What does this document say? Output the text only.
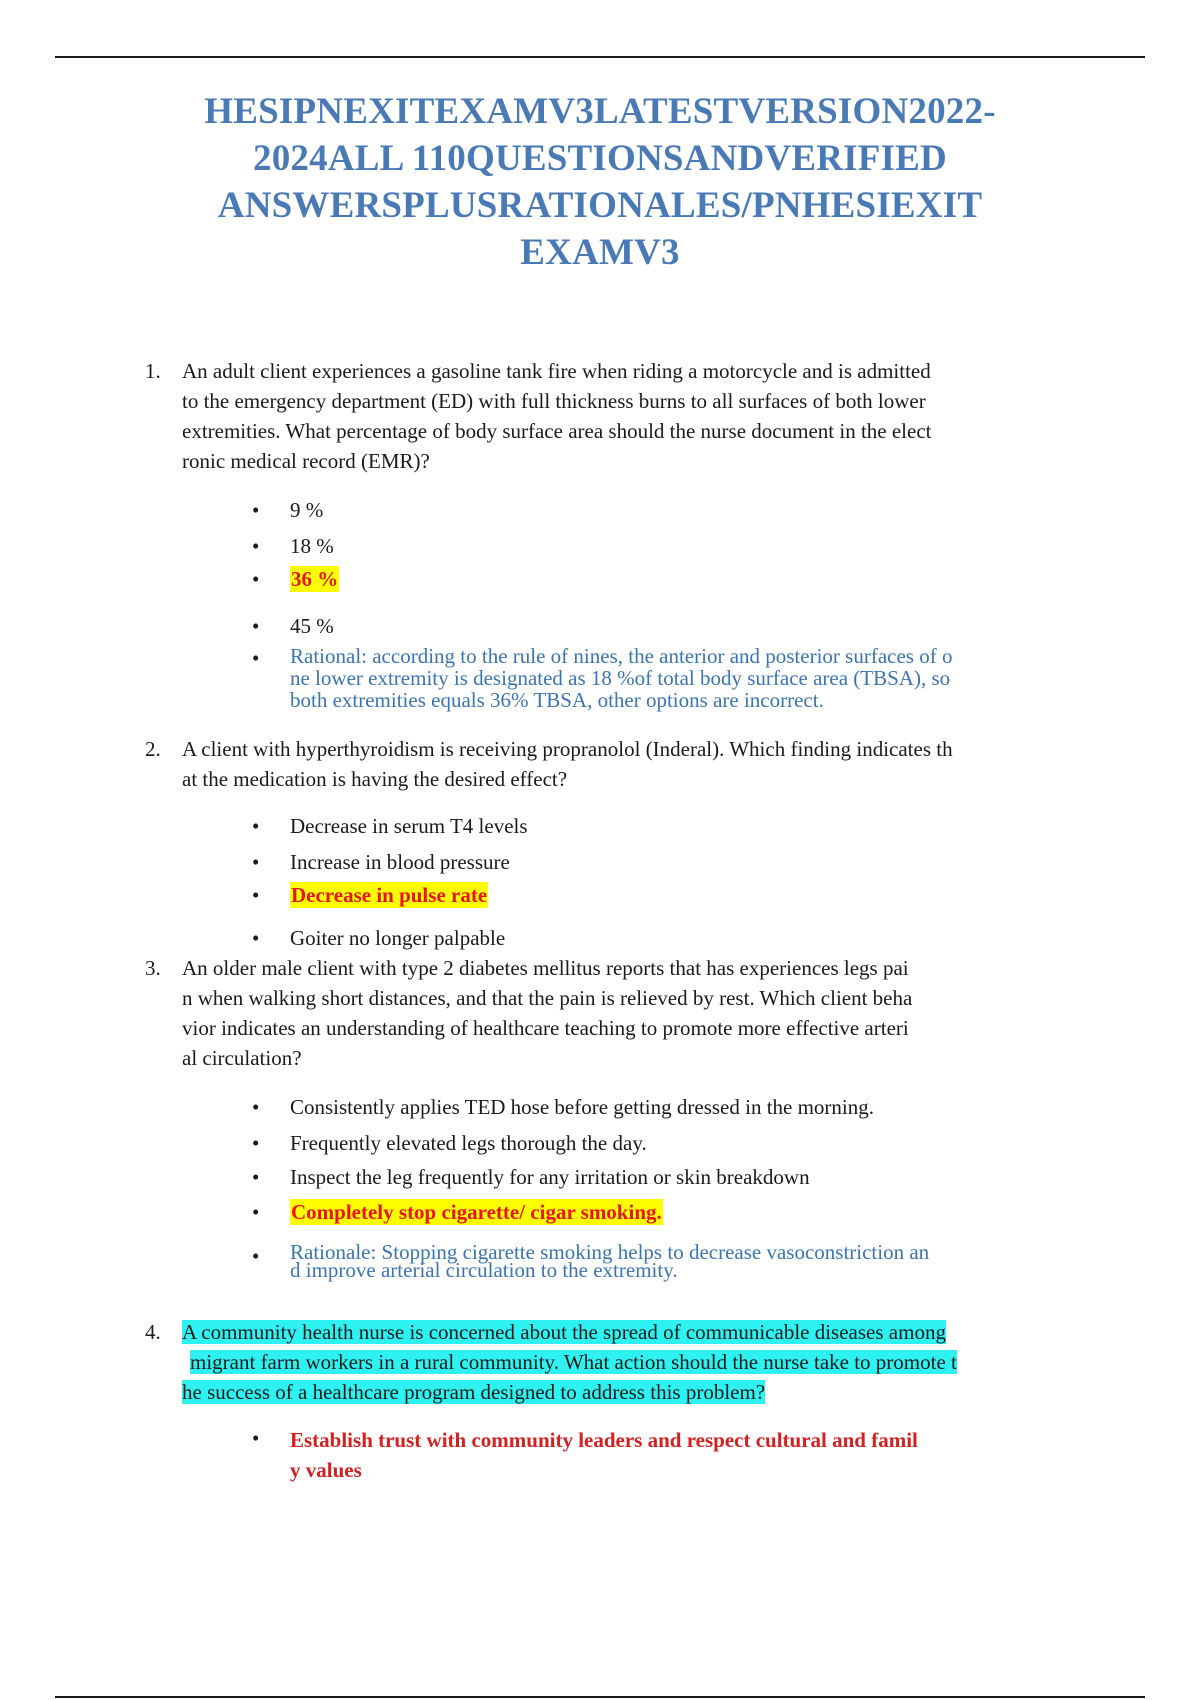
HESIPNEXITEXAMV3LATESTVERSION2022-
2024ALL 110QUESTIONSANDVERIFIED
ANSWERSPLUSRATIONALES/PNHESIEXIT
EXAMV3
1.	An adult client experiences a gasoline tank fire when riding a motorcycle and is admitted
to the emergency department (ED) with full thickness burns to all surfaces of both lower
extremities. What percentage of body surface area should the nurse document in the elect
ronic medical record (EMR)?
•	9 %
•	18 %
•	36 %
•	45 %
•	Rational: according to the rule of nines, the anterior and posterior surfaces of o
ne lower extremity is designated as 18 %of total body surface area (TBSA), so
both extremities equals 36% TBSA, other options are incorrect.
2.	A client with hyperthyroidism is receiving propranolol (Inderal). Which finding indicates th
at the medication is having the desired effect?
•	Decrease in serum T4 levels
•	Increase in blood pressure
•	Decrease in pulse rate
•	Goiter no longer palpable
3.	An older male client with type 2 diabetes mellitus reports that has experiences legs pai
n when walking short distances, and that the pain is relieved by rest. Which client beha
vior indicates an understanding of healthcare teaching to promote more effective arteri
al circulation?
•	Consistently applies TED hose before getting dressed in the morning.
•	Frequently elevated legs thorough the day.
•	Inspect the leg frequently for any irritation or skin breakdown
•	Completely stop cigarette/ cigar smoking.
•	Rationale: Stopping cigarette smoking helps to decrease vasoconstriction an
d improve arterial circulation to the extremity.
4.	A community health nurse is concerned about the spread of communicable diseases among
migrant farm workers in a rural community. What action should the nurse take to promote t
he success of a healthcare program designed to address this problem?
•	Establish trust with community leaders and respect cultural and famil
y values
